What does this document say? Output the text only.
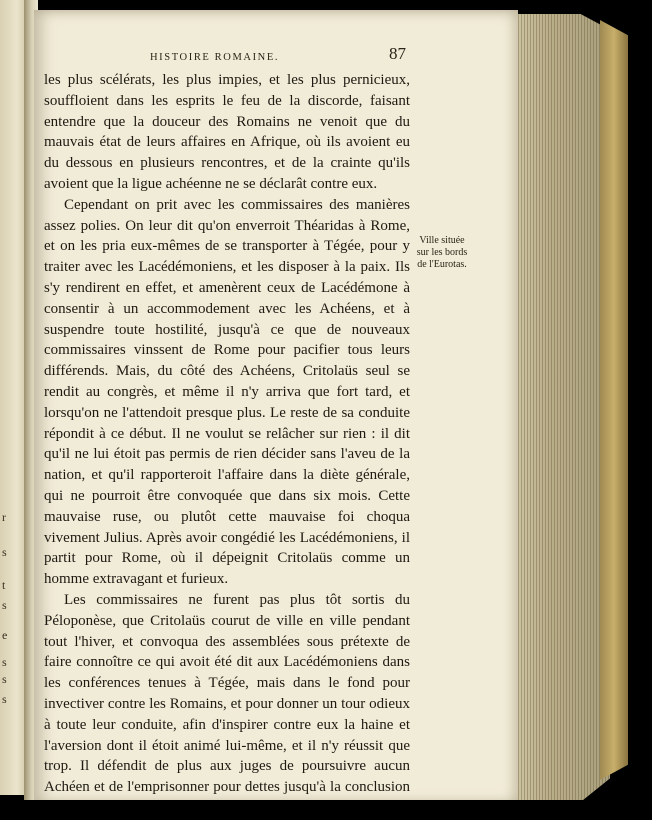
r
s
t
s
e
s
s
s
HISTOIRE ROMAINE.	87

les plus scélérats, les plus impies, et les plus pernicieux, souffloient dans les esprits le feu de la discorde, faisant entendre que la douceur des Romains ne venoit que du mauvais état de leurs affaires en Afrique, où ils avoient eu du dessous en plusieurs rencontres, et de la crainte qu'ils avoient que la ligue achéenne ne se déclarât contre eux.

Cependant on prit avec les commissaires des manières assez polies. On leur dit qu'on enverroit Théaridas à Rome, et on les pria eux-mêmes de se transporter à Tégée, pour y traiter avec les Lacédémoniens, et les disposer à la paix. Ils s'y rendirent en effet, et amenèrent ceux de Lacédémone à consentir à un accommodement avec les Achéens, et à suspendre toute hostilité, jusqu'à ce que de nouveaux commissaires vinssent de Rome pour pacifier tous leurs différends. Mais, du côté des Achéens, Critolaüs seul se rendit au congrès, et même il n'y arriva que fort tard, et lorsqu'on ne l'attendoit presque plus. Le reste de sa conduite répondit à ce début. Il ne voulut se relâcher sur rien : il dit qu'il ne lui étoit pas permis de rien décider sans l'aveu de la nation, et qu'il rapporteroit l'affaire dans la diète générale, qui ne pourroit être convoquée que dans six mois. Cette mauvaise ruse, ou plutôt cette mauvaise foi choqua vivement Julius. Après avoir congédié les Lacédémoniens, il partit pour Rome, où il dépeignit Critolaüs comme un homme extravagant et furieux.

Les commissaires ne furent pas plus tôt sortis du Péloponèse, que Critolaüs courut de ville en ville pendant tout l'hiver, et convoqua des assemblées sous prétexte de faire connoître ce qui avoit été dit aux Lacédémoniens dans les conférences tenues à Tégée, mais dans le fond pour invectiver contre les Romains, et pour donner un tour odieux à toute leur conduite, afin d'inspirer contre eux la haine et l'aversion dont il étoit animé lui-même, et il n'y réussit que trop. Il défendit de plus aux juges de poursuivre aucun Achéen et de l'emprisonner pour dettes jusqu'à la conclusion

Ville située
sur les bords
de l'Eurotas.
